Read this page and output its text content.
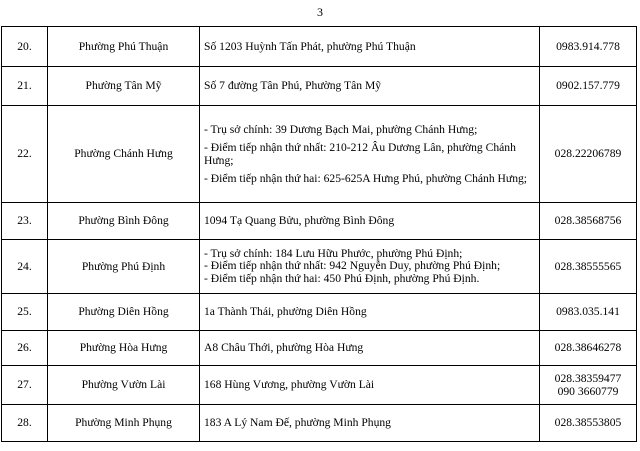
3
20.	Phường Phú Thuận	Số 1203 Huỳnh Tấn Phát, phường Phú Thuận	0983.914.778

21.	Phường Tân Mỹ	Số 7 đường Tân Phú, Phường Tân Mỹ	0902.157.779

22.	Phường Chánh Hưng	- Trụ sở chính: 39 Dương Bạch Mai, phường Chánh Hưng;
- Điểm tiếp nhận thứ nhất: 210-212 Âu Dương Lân, phường Chánh Hưng;
- Điểm tiếp nhận thứ hai: 625-625A Hưng Phú, phường Chánh Hưng;	028.22206789

23.	Phường Bình Đông	1094 Tạ Quang Bửu, phường Bình Đông	028.38568756

24.	Phường Phú Định	- Trụ sở chính: 184 Lưu Hữu Phước, phường Phú Định;
- Điểm tiếp nhận thứ nhất: 942 Nguyễn Duy, phường Phú Định;
- Điểm tiếp nhận thứ hai: 450 Phú Định, phường Phú Định.	028.38555565

25.	Phường Diên Hồng	1a Thành Thái, phường Diên Hồng	0983.035.141

26.	Phường Hòa Hưng	A8 Châu Thới, phường Hòa Hưng	028.38646278

27.	Phường Vườn Lài	168 Hùng Vương, phường Vườn Lài	028.38359477
090 3660779

28.	Phường Minh Phụng	183 A Lý Nam Đế, phường Minh Phụng	028.38553805
